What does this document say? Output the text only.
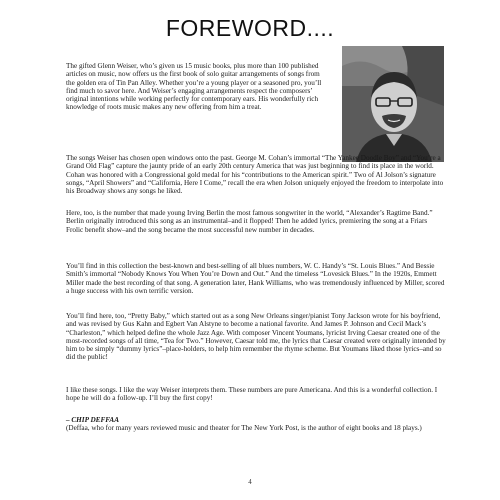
FOREWORD....

The gifted Glenn Weiser, who’s given us 15 music books, plus more than 100 published articles on music, now offers us the first book of solo guitar arrangements of songs from the golden era of Tin Pan Alley. Whether you’re a young player or a seasoned pro, you’ll find much to savor here. And Weiser’s engaging arrangements respect the composers’ original intentions while working perfectly for contemporary ears. His wonderfully rich knowledge of roots music makes any new offering from him a treat.

The songs Weiser has chosen open windows onto the past. George M. Cohan’s immortal “The Yankee Doodle Boy” and “You’re a Grand Old Flag” capture the jaunty pride of an early 20th century America that was just beginning to find its place in the world. Cohan was honored with a Congressional gold medal for his “contributions to the American spirit.” Two of Al Jolson’s signature songs, “April Showers” and “California, Here I Come,” recall the era when Jolson uniquely enjoyed the freedom to interpolate into his Broadway shows any songs he liked.

Here, too, is the number that made young Irving Berlin the most famous songwriter in the world, “Alexander’s Ragtime Band.” Berlin originally introduced this song as an instrumental–and it flopped! Then he added lyrics, premiering the song at a Friars Frolic benefit show–and the song became the most successful new number in decades.

You’ll find in this collection the best-known and best-selling of all blues numbers, W. C. Handy’s “St. Louis Blues.” And Bessie Smith’s immortal “Nobody Knows You When You’re Down and Out.” And the timeless “Lovesick Blues.” In the 1920s, Emmett Miller made the best recording of that song. A generation later, Hank Williams, who was tremendously influenced by Miller, scored a huge success with his own terrific version.

You’ll find here, too, “Pretty Baby,” which started out as a song New Orleans singer/pianist Tony Jackson wrote for his boyfriend, and was revised by Gus Kahn and Egbert Van Alstyne to become a national favorite. And James P. Johnson and Cecil Mack’s “Charleston,” which helped define the whole Jazz Age. With composer Vincent Youmans, lyricist Irving Caesar created one of the most-recorded songs of all time, “Tea for Two.” However, Caesar told me, the lyrics that Caesar created were originally intended by him to be simply “dummy lyrics”–place-holders, to help him remember the rhyme scheme. But Youmans liked those lyrics–and so did the public!

I like these songs. I like the way Weiser interprets them. These numbers are pure Americana. And this is a wonderful collection. I hope he will do a follow-up. I’ll buy the first copy!

– CHIP DEFFAA
(Deffaa, who for many years reviewed music and theater for The New York Post, is the author of eight books and 18 plays.)
4
